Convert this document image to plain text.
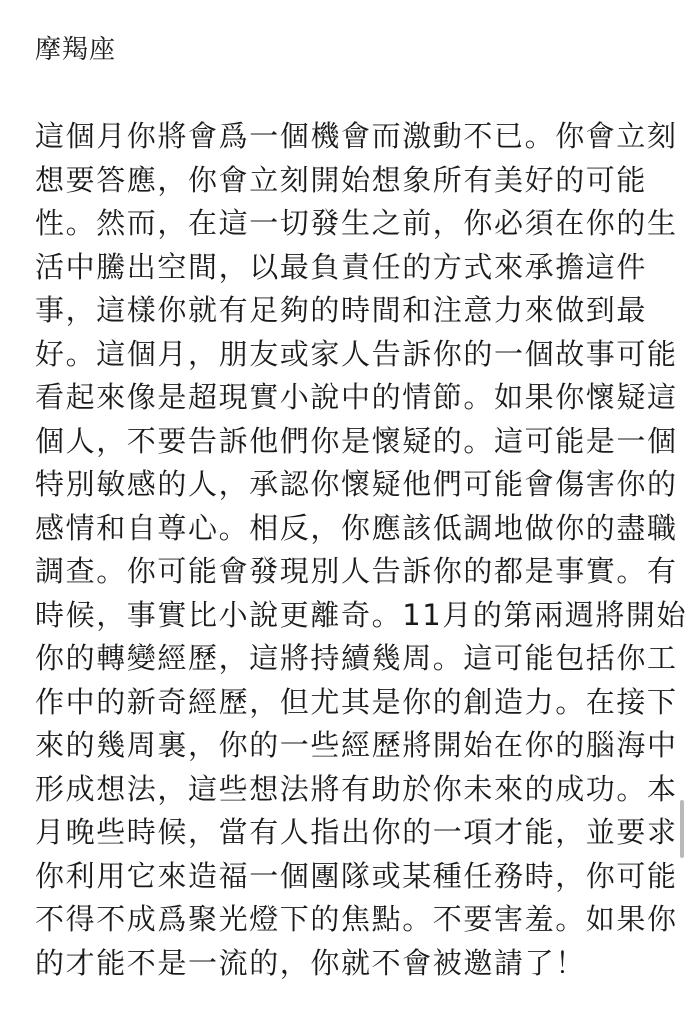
摩羯座
這個月你將會爲一個機會而激動不已。你會立刻
想要答應，你會立刻開始想象所有美好的可能
性。然而，在這一切發生之前，你必須在你的生
活中騰出空間，以最負責任的方式來承擔這件
事，這樣你就有足夠的時間和注意力來做到最
好。這個月，朋友或家人告訴你的一個故事可能
看起來像是超現實小說中的情節。如果你懷疑這
個人，不要告訴他們你是懷疑的。這可能是一個
特別敏感的人，承認你懷疑他們可能會傷害你的
感情和自尊心。相反，你應該低調地做你的盡職
調查。你可能會發現別人告訴你的都是事實。有
時候，事實比小說更離奇。11月的第兩週將開始
你的轉變經歷，這將持續幾周。這可能包括你工
作中的新奇經歷，但尤其是你的創造力。在接下
來的幾周裏，你的一些經歷將開始在你的腦海中
形成想法，這些想法將有助於你未來的成功。本
月晚些時候，當有人指出你的一項才能，並要求
你利用它來造福一個團隊或某種任務時，你可能
不得不成爲聚光燈下的焦點。不要害羞。如果你
的才能不是一流的，你就不會被邀請了！
